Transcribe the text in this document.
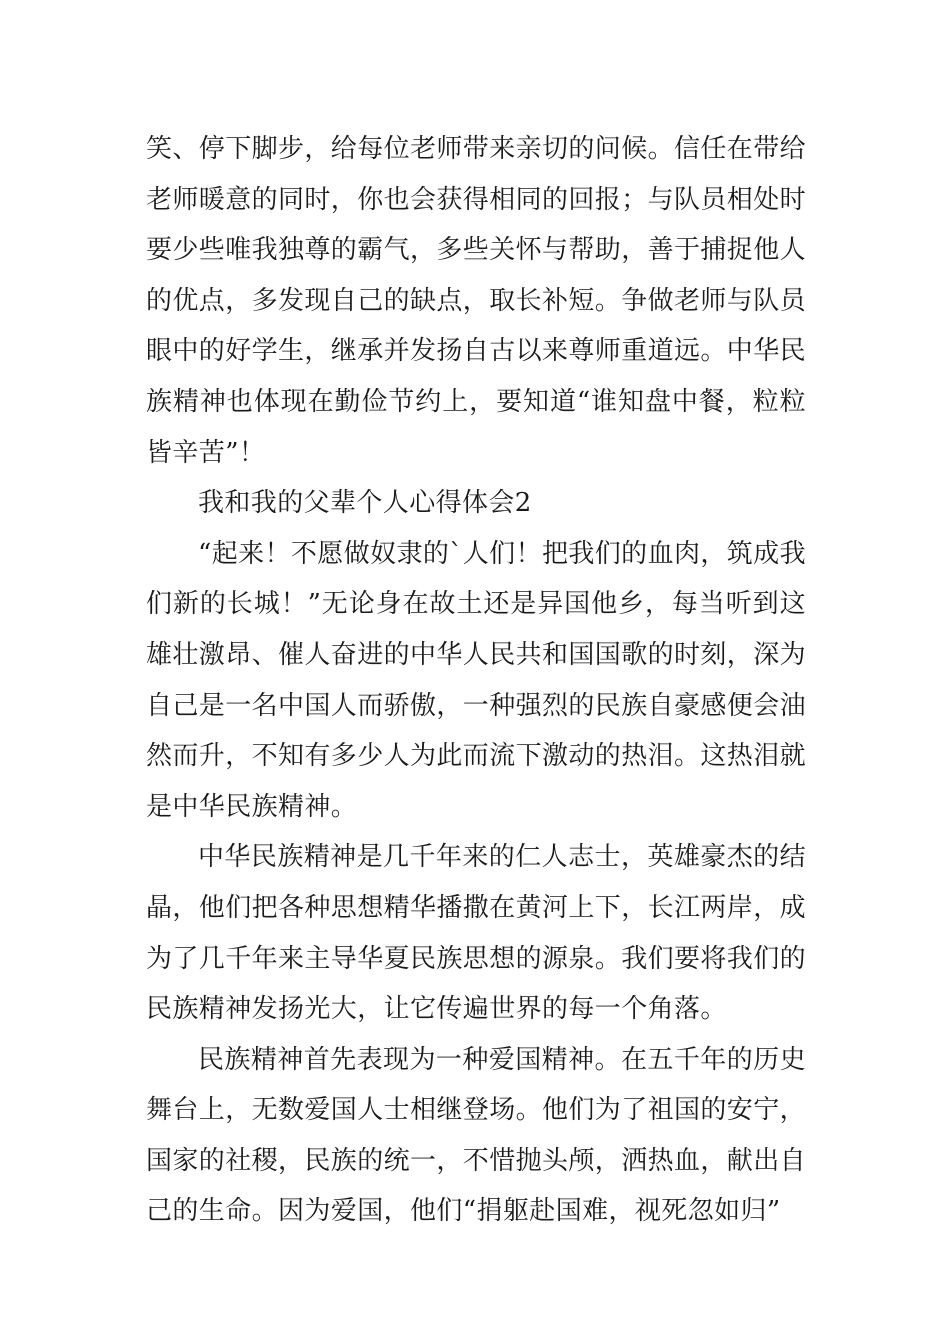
笑、停下脚步，给每位老师带来亲切的问候。信任在带给老师暖意的同时，你也会获得相同的回报；与队员相处时要少些唯我独尊的霸气，多些关怀与帮助，善于捕捉他人的优点，多发现自己的缺点，取长补短。争做老师与队员眼中的好学生，继承并发扬自古以来尊师重道远。中华民族精神也体现在勤俭节约上，要知道“谁知盘中餐，粒粒皆辛苦”！

我和我的父辈个人心得体会2

“起来！不愿做奴隶的`人们！把我们的血肉，筑成我们新的长城！”无论身在故土还是异国他乡，每当听到这雄壮激昂、催人奋进的中华人民共和国国歌的时刻，深为自己是一名中国人而骄傲，一种强烈的民族自豪感便会油然而升，不知有多少人为此而流下激动的热泪。这热泪就是中华民族精神。

中华民族精神是几千年来的仁人志士，英雄豪杰的结晶，他们把各种思想精华播撒在黄河上下，长江两岸，成为了几千年来主导华夏民族思想的源泉。我们要将我们的民族精神发扬光大，让它传遍世界的每一个角落。

民族精神首先表现为一种爱国精神。在五千年的历史舞台上，无数爱国人士相继登场。他们为了祖国的安宁，国家的社稷，民族的统一，不惜抛头颅，洒热血，献出自己的生命。因为爱国，他们“捐躯赴国难，视死忽如归”
